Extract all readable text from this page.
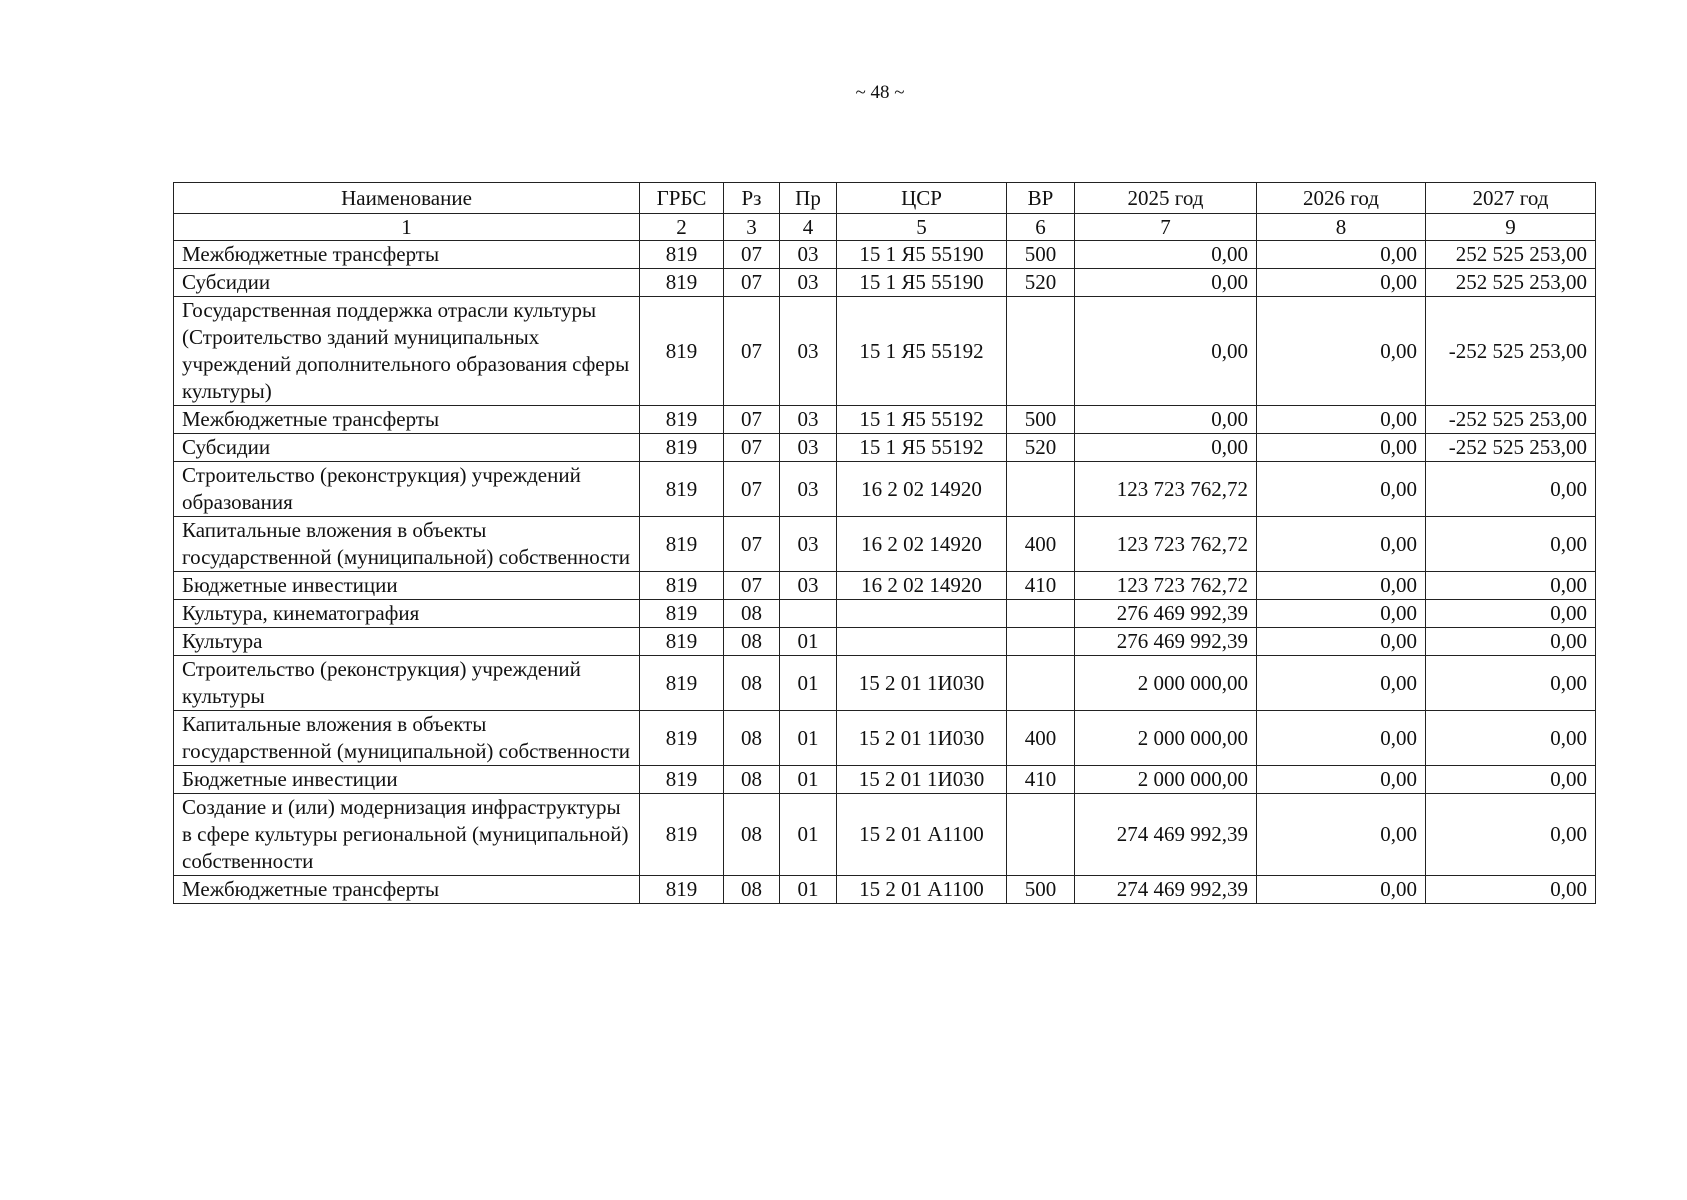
~ 48 ~
Наименование	ГРБС	Рз	Пр	ЦСР	ВР	2025 год	2026 год	2027 год
1	2	3	4	5	6	7	8	9
Межбюджетные трансферты	819	07	03	15 1 Я5 55190	500	0,00	0,00	252 525 253,00
Субсидии	819	07	03	15 1 Я5 55190	520	0,00	0,00	252 525 253,00
Государственная поддержка отрасли культуры (Строительство зданий муниципальных учреждений дополнительного образования сферы культуры)	819	07	03	15 1 Я5 55192		0,00	0,00	-252 525 253,00
Межбюджетные трансферты	819	07	03	15 1 Я5 55192	500	0,00	0,00	-252 525 253,00
Субсидии	819	07	03	15 1 Я5 55192	520	0,00	0,00	-252 525 253,00
Строительство (реконструкция) учреждений образования	819	07	03	16 2 02 14920		123 723 762,72	0,00	0,00
Капитальные вложения в объекты государственной (муниципальной) собственности	819	07	03	16 2 02 14920	400	123 723 762,72	0,00	0,00
Бюджетные инвестиции	819	07	03	16 2 02 14920	410	123 723 762,72	0,00	0,00
Культура, кинематография	819	08				276 469 992,39	0,00	0,00
Культура	819	08	01			276 469 992,39	0,00	0,00
Строительство (реконструкция) учреждений культуры	819	08	01	15 2 01 1И030		2 000 000,00	0,00	0,00
Капитальные вложения в объекты государственной (муниципальной) собственности	819	08	01	15 2 01 1И030	400	2 000 000,00	0,00	0,00
Бюджетные инвестиции	819	08	01	15 2 01 1И030	410	2 000 000,00	0,00	0,00
Создание и (или) модернизация инфраструктуры в сфере культуры региональной (муниципальной) собственности	819	08	01	15 2 01 А1100		274 469 992,39	0,00	0,00
Межбюджетные трансферты	819	08	01	15 2 01 А1100	500	274 469 992,39	0,00	0,00
